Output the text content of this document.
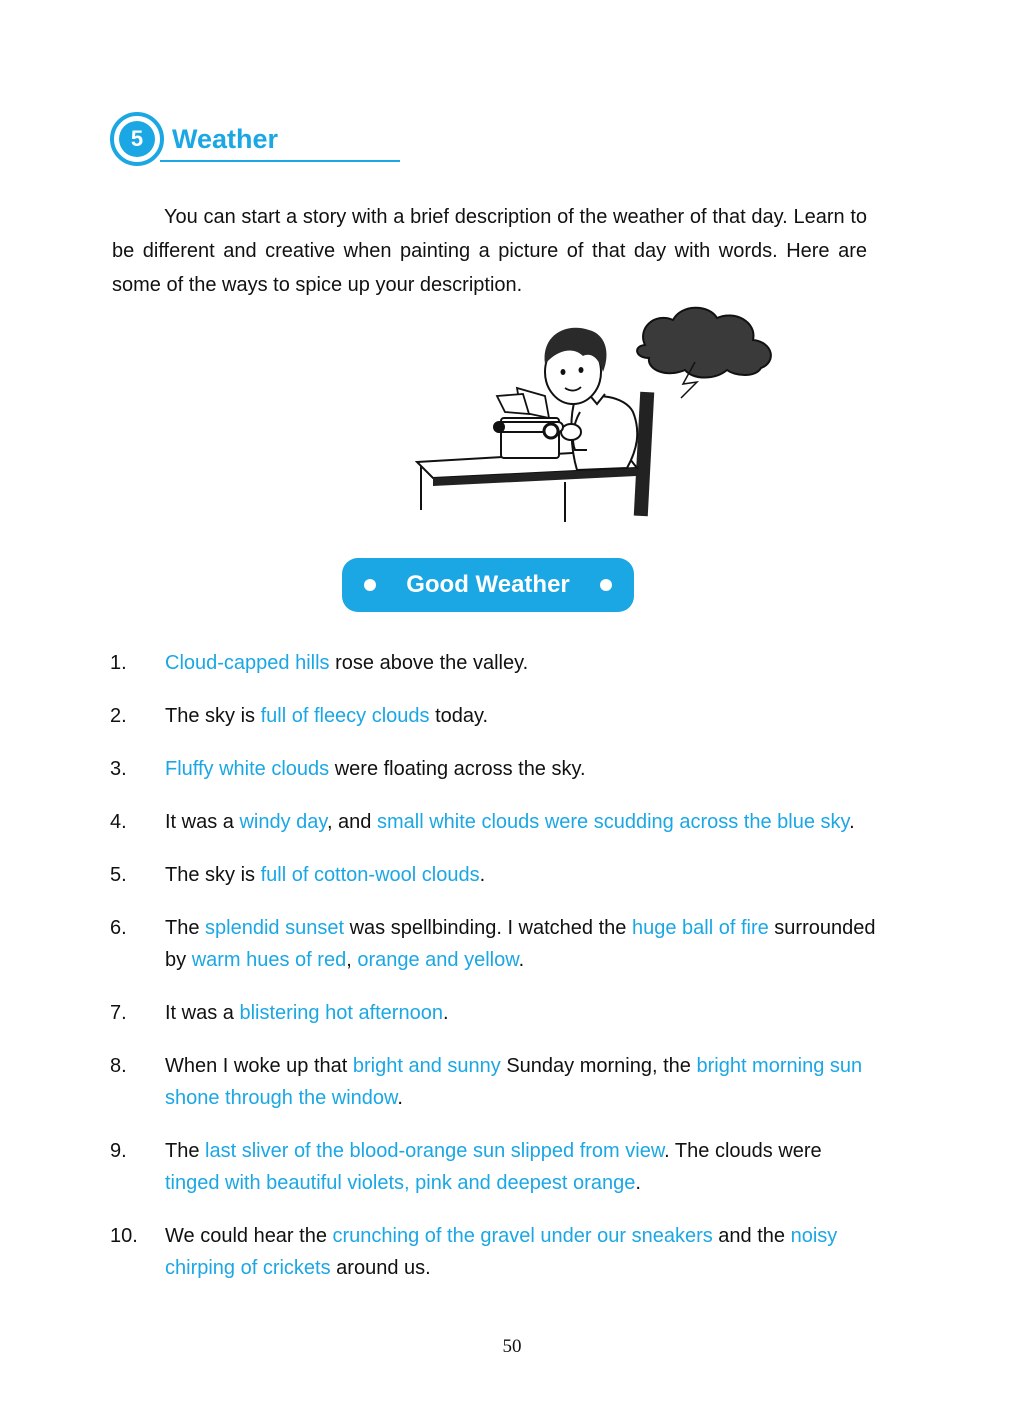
5	Weather

You can start a story with a brief description of the weather of that day. Learn to be different and creative when painting a picture of that day with words. Here are some of the ways to spice up your description.

Good Weather
1. Cloud-capped hills rose above the valley.
2. The sky is full of fleecy clouds today.
3. Fluffy white clouds were floating across the sky.
4. It was a windy day, and small white clouds were scudding across the blue sky.
5. The sky is full of cotton-wool clouds.
6. The splendid sunset was spellbinding. I watched the huge ball of fire surrounded by warm hues of red, orange and yellow.
7. It was a blistering hot afternoon.
8. When I woke up that bright and sunny Sunday morning, the bright morning sun shone through the window.
9. The last sliver of the blood-orange sun slipped from view. The clouds were tinged with beautiful violets, pink and deepest orange.
10. We could hear the crunching of the gravel under our sneakers and the noisy chirping of crickets around us.
50
